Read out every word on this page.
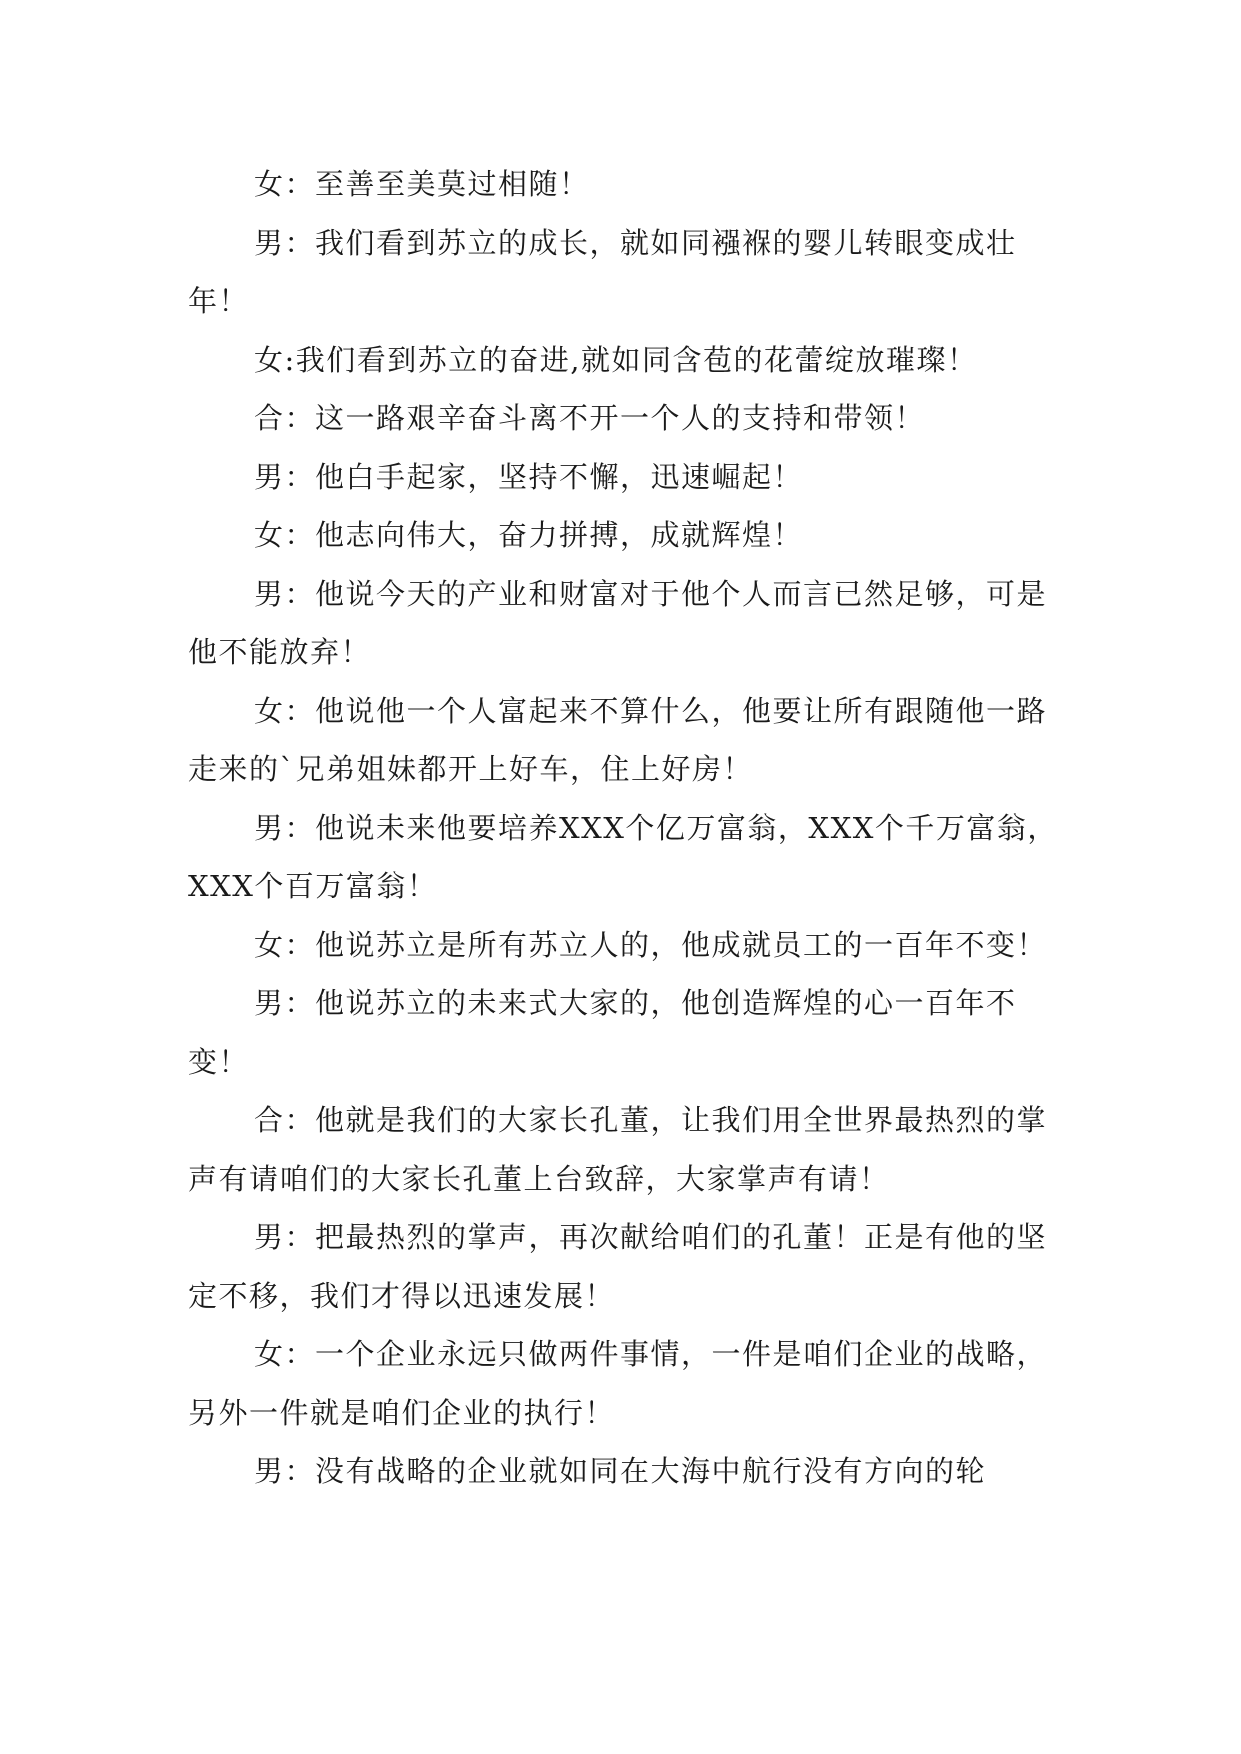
女：至善至美莫过相随！

男：我们看到苏立的成长，就如同襁褓的婴儿转眼变成壮年！

女:我们看到苏立的奋进,就如同含苞的花蕾绽放璀璨！

合：这一路艰辛奋斗离不开一个人的支持和带领！

男：他白手起家，坚持不懈，迅速崛起！

女：他志向伟大，奋力拼搏，成就辉煌！

男：他说今天的产业和财富对于他个人而言已然足够，可是他不能放弃！

女：他说他一个人富起来不算什么，他要让所有跟随他一路走来的`兄弟姐妹都开上好车，住上好房！

男：他说未来他要培养XXX个亿万富翁，XXX个千万富翁，XXX个百万富翁！

女：他说苏立是所有苏立人的，他成就员工的一百年不变！

男：他说苏立的未来式大家的，他创造辉煌的心一百年不变！

合：他就是我们的大家长孔董，让我们用全世界最热烈的掌声有请咱们的大家长孔董上台致辞，大家掌声有请！

男：把最热烈的掌声，再次献给咱们的孔董！正是有他的坚定不移，我们才得以迅速发展！

女：一个企业永远只做两件事情，一件是咱们企业的战略，另外一件就是咱们企业的执行！

男：没有战略的企业就如同在大海中航行没有方向的轮
